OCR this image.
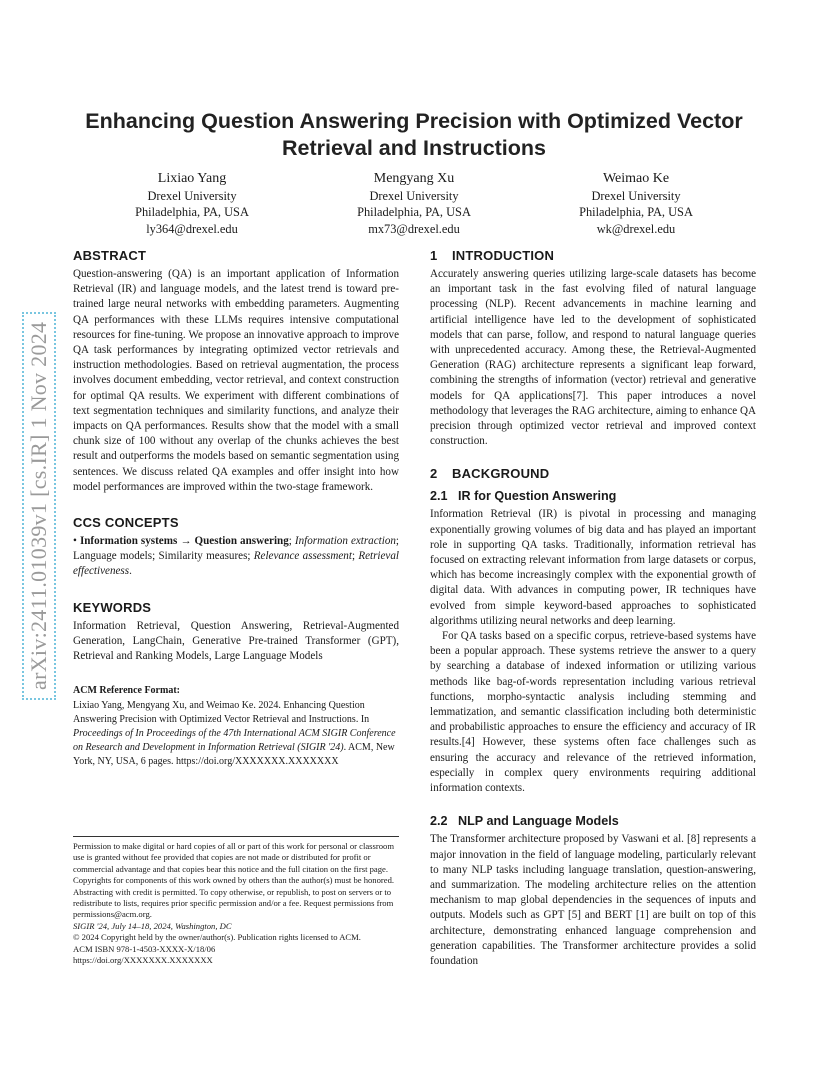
Enhancing Question Answering Precision with Optimized Vector Retrieval and Instructions
Lixiao Yang
Drexel University
Philadelphia, PA, USA
ly364@drexel.edu
Mengyang Xu
Drexel University
Philadelphia, PA, USA
mx73@drexel.edu
Weimao Ke
Drexel University
Philadelphia, PA, USA
wk@drexel.edu
arXiv:2411.01039v1 [cs.IR] 1 Nov 2024
ABSTRACT

Question-answering (QA) is an important application of Information Retrieval (IR) and language models, and the latest trend is toward pre-trained large neural networks with embedding parameters. Augmenting QA performances with these LLMs requires intensive computational resources for fine-tuning. We propose an innovative approach to improve QA task performances by integrating optimized vector retrievals and instruction methodologies. Based on retrieval augmentation, the process involves document embedding, vector retrieval, and context construction for optimal QA results. We experiment with different combinations of text segmentation techniques and similarity functions, and analyze their impacts on QA performances. Results show that the model with a small chunk size of 100 without any overlap of the chunks achieves the best result and outperforms the models based on semantic segmentation using sentences. We discuss related QA examples and offer insight into how model performances are improved within the two-stage framework.

CCS CONCEPTS

• Information systems → Question answering; Information extraction; Language models; Similarity measures; Relevance assessment; Retrieval effectiveness.

KEYWORDS

Information Retrieval, Question Answering, Retrieval-Augmented Generation, LangChain, Generative Pre-trained Transformer (GPT), Retrieval and Ranking Models, Large Language Models

ACM Reference Format:

Lixiao Yang, Mengyang Xu, and Weimao Ke. 2024. Enhancing Question Answering Precision with Optimized Vector Retrieval and Instructions. In Proceedings of In Proceedings of the 47th International ACM SIGIR Conference on Research and Development in Information Retrieval (SIGIR '24). ACM, New York, NY, USA, 6 pages. https://doi.org/XXXXXXX.XXXXXXX

Permission to make digital or hard copies of all or part of this work for personal or classroom use is granted without fee provided that copies are not made or distributed for profit or commercial advantage and that copies bear this notice and the full citation on the first page. Copyrights for components of this work owned by others than the author(s) must be honored. Abstracting with credit is permitted. To copy otherwise, or republish, to post on servers or to redistribute to lists, requires prior specific permission and/or a fee. Request permissions from permissions@acm.org.

SIGIR '24, July 14–18, 2024, Washington, DC

© 2024 Copyright held by the owner/author(s). Publication rights licensed to ACM.

ACM ISBN 978-1-4503-XXXX-X/18/06

https://doi.org/XXXXXXX.XXXXXXX

1 INTRODUCTION

Accurately answering queries utilizing large-scale datasets has become an important task in the fast evolving filed of natural language processing (NLP). Recent advancements in machine learning and artificial intelligence have led to the development of sophisticated models that can parse, follow, and respond to natural language queries with unprecedented accuracy. Among these, the Retrieval-Augmented Generation (RAG) architecture represents a significant leap forward, combining the strengths of information (vector) retrieval and generative models for QA applications[7]. This paper introduces a novel methodology that leverages the RAG architecture, aiming to enhance QA precision through optimized vector retrieval and improved context construction.

2 BACKGROUND
2.1 IR for Question Answering

Information Retrieval (IR) is pivotal in processing and managing exponentially growing volumes of big data and has played an important role in supporting QA tasks. Traditionally, information retrieval has focused on extracting relevant information from large datasets or corpus, which has become increasingly complex with the exponential growth of digital data. With advances in computing power, IR techniques have evolved from simple keyword-based approaches to sophisticated algorithms utilizing neural networks and deep learning.

For QA tasks based on a specific corpus, retrieve-based systems have been a popular approach. These systems retrieve the answer to a query by searching a database of indexed information or utilizing various methods like bag-of-words representation including various retrieval functions, morpho-syntactic analysis including stemming and lemmatization, and semantic classification including both deterministic and probabilistic approaches to ensure the efficiency and accuracy of IR results.[4] However, these systems often face challenges such as ensuring the accuracy and relevance of the retrieved information, especially in complex query environments requiring additional information contexts.

2.2 NLP and Language Models

The Transformer architecture proposed by Vaswani et al. [8] represents a major innovation in the field of language modeling, particularly relevant to many NLP tasks including language translation, question-answering, and summarization. The modeling architecture relies on the attention mechanism to map global dependencies in the sequences of inputs and outputs. Models such as GPT [5] and BERT [1] are built on top of this architecture, demonstrating enhanced language comprehension and generation capabilities. The Transformer architecture provides a solid foundation
